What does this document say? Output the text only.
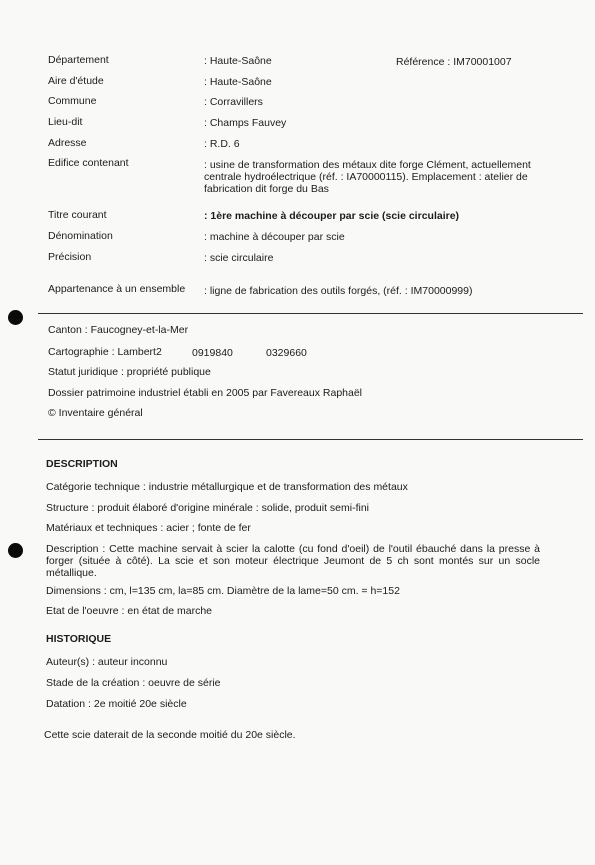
Département	: Haute-Saône	Référence : IM70001007
Aire d'étude	: Haute-Saône
Commune	: Corravillers
Lieu-dit	: Champs Fauvey
Adresse	: R.D. 6
Edifice contenant	: usine de transformation des métaux dite forge Clément, actuellement centrale hydroélectrique (réf. : IA70000115). Emplacement : atelier de fabrication dit forge du Bas
Titre courant	: 1ère machine à découper par scie (scie circulaire)
Dénomination	: machine à découper par scie
Précision	: scie circulaire
Appartenance à un ensemble : ligne de fabrication des outils forgés, (réf. : IM70000999)
Canton : Faucogney-et-la-Mer
Cartographie : Lambert2	0919840	0329660
Statut juridique : propriété publique
Dossier patrimoine industriel établi en 2005 par Favereaux Raphaël
© Inventaire général
DESCRIPTION
Catégorie technique : industrie métallurgique et de transformation des métaux
Structure : produit élaboré d'origine minérale : solide, produit semi-fini
Matériaux et techniques : acier ; fonte de fer
Description : Cette machine servait à scier la calotte (cu fond d'oeil) de l'outil ébauché dans la presse à forger (située à côté). La scie et son moteur électrique Jeumont de 5 ch sont montés sur un socle métallique.
Dimensions : cm, l=135 cm, la=85 cm. Diamètre de la lame=50 cm. = h=152
Etat de l'oeuvre : en état de marche
HISTORIQUE
Auteur(s) : auteur inconnu
Stade de la création : oeuvre de série
Datation : 2e moitié 20e siècle
Cette scie daterait de la seconde moitié du 20e siècle.
